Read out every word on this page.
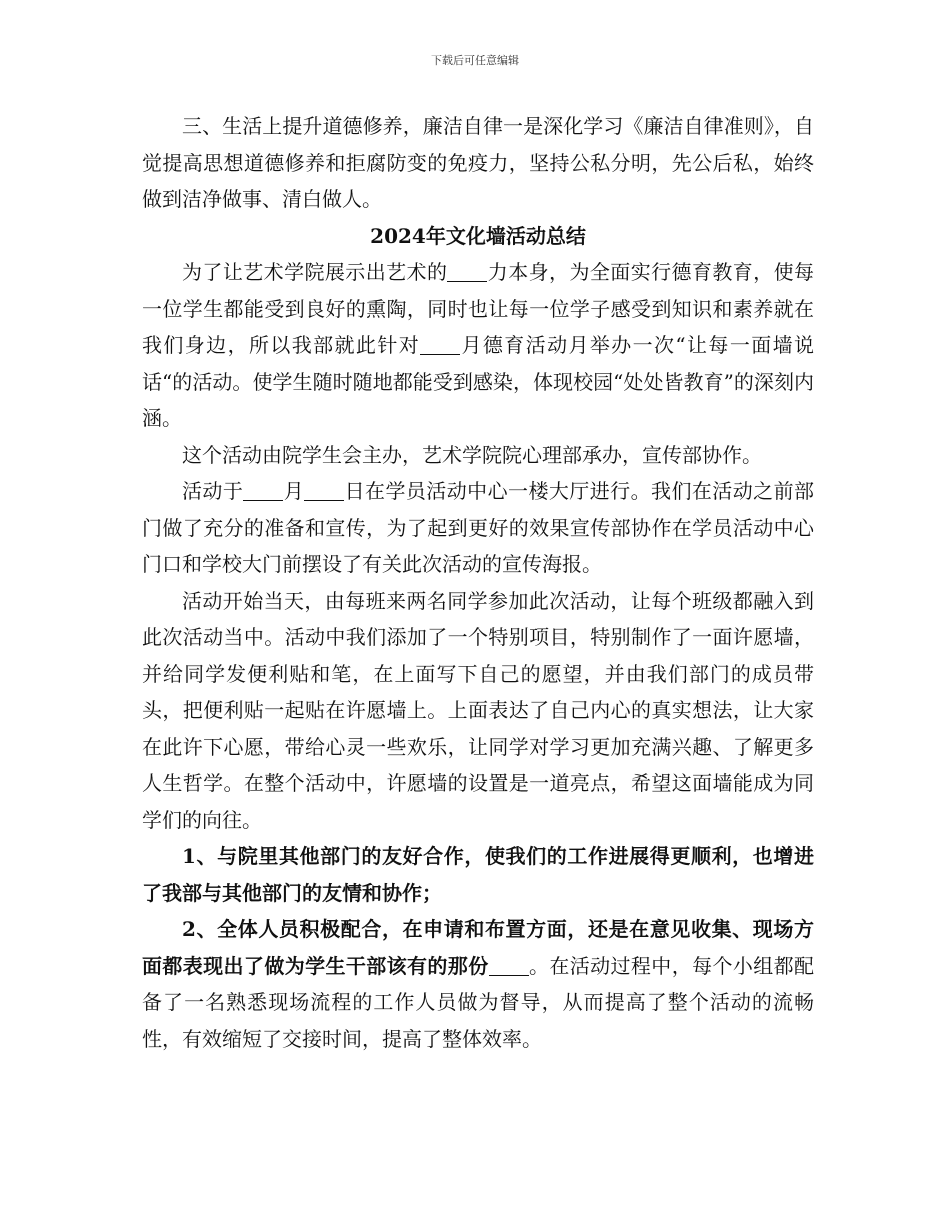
下载后可任意编辑

三、生活上提升道德修养，廉洁自律一是深化学习《廉洁自律准则》，自觉提高思想道德修养和拒腐防变的免疫力，坚持公私分明，先公后私，始终做到洁净做事、清白做人。

2024年文化墙活动总结

为了让艺术学院展示出艺术的 力本身，为全面实行德育教育，使每一位学生都能受到良好的熏陶，同时也让每一位学子感受到知识和素养就在我们身边，所以我部就此针对 月德育活动月举办一次“让每一面墙说话“的活动。使学生随时随地都能受到感染，体现校园“处处皆教育”的深刻内涵。

这个活动由院学生会主办，艺术学院院心理部承办，宣传部协作。

活动于 月 日在学员活动中心一楼大厅进行。我们在活动之前部门做了充分的准备和宣传，为了起到更好的效果宣传部协作在学员活动中心门口和学校大门前摆设了有关此次活动的宣传海报。

活动开始当天，由每班来两名同学参加此次活动，让每个班级都融入到此次活动当中。活动中我们添加了一个特别项目，特别制作了一面许愿墙，并给同学发便利贴和笔，在上面写下自己的愿望，并由我们部门的成员带头，把便利贴一起贴在许愿墙上。上面表达了自己内心的真实想法，让大家在此许下心愿，带给心灵一些欢乐，让同学对学习更加充满兴趣、了解更多人生哲学。在整个活动中，许愿墙的设置是一道亮点，希望这面墙能成为同学们的向往。

1、与院里其他部门的友好合作，使我们的工作进展得更顺利，也增进了我部与其他部门的友情和协作；

2、全体人员积极配合，在申请和布置方面，还是在意见收集、现场方面都表现出了做为学生干部该有的那份 。在活动过程中，每个小组都配备了一名熟悉现场流程的工作人员做为督导，从而提高了整个活动的流畅性，有效缩短了交接时间，提高了整体效率。
